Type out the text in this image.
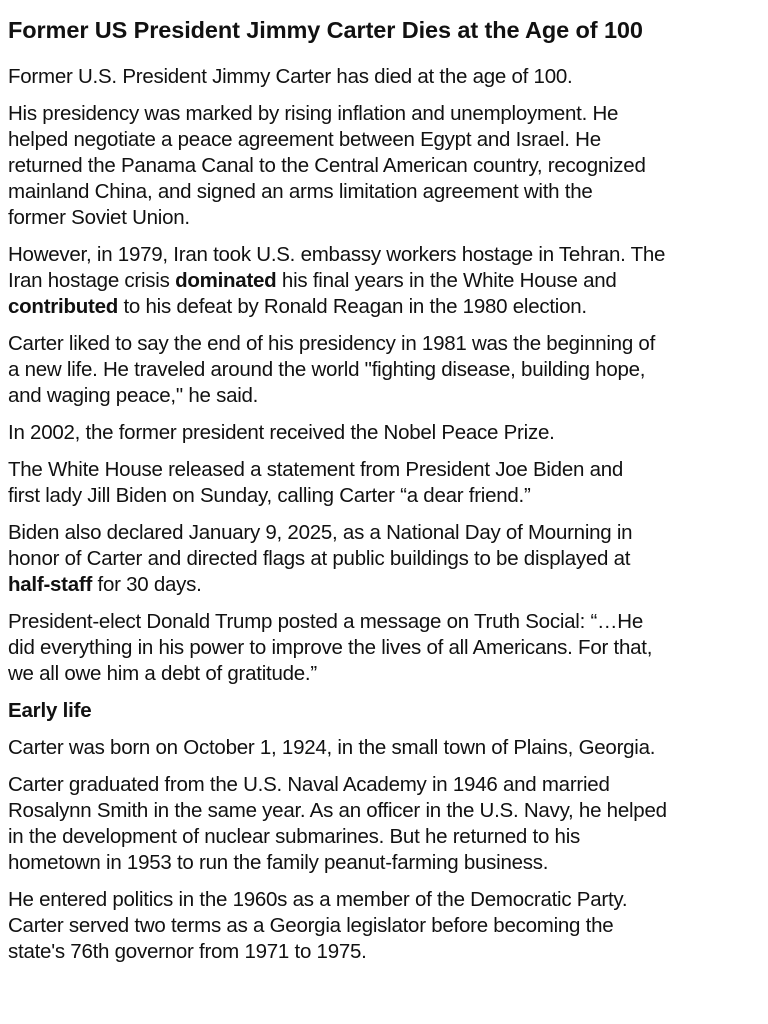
Former US President Jimmy Carter Dies at the Age of 100

Former U.S. President Jimmy Carter has died at the age of 100.

His presidency was marked by rising inflation and unemployment. He
helped negotiate a peace agreement between Egypt and Israel. He
returned the Panama Canal to the Central American country, recognized
mainland China, and signed an arms limitation agreement with the
former Soviet Union.

However, in 1979, Iran took U.S. embassy workers hostage in Tehran. The
Iran hostage crisis dominated his final years in the White House and
contributed to his defeat by Ronald Reagan in the 1980 election.

Carter liked to say the end of his presidency in 1981 was the beginning of
a new life. He traveled around the world "fighting disease, building hope,
and waging peace," he said.

In 2002, the former president received the Nobel Peace Prize.

The White House released a statement from President Joe Biden and
first lady Jill Biden on Sunday, calling Carter “a dear friend.”

Biden also declared January 9, 2025, as a National Day of Mourning in
honor of Carter and directed flags at public buildings to be displayed at
half-staff for 30 days.

President-elect Donald Trump posted a message on Truth Social: “…He
did everything in his power to improve the lives of all Americans. For that,
we all owe him a debt of gratitude.”

Early life

Carter was born on October 1, 1924, in the small town of Plains, Georgia.

Carter graduated from the U.S. Naval Academy in 1946 and married
Rosalynn Smith in the same year. As an officer in the U.S. Navy, he helped
in the development of nuclear submarines. But he returned to his
hometown in 1953 to run the family peanut-farming business.

He entered politics in the 1960s as a member of the Democratic Party.
Carter served two terms as a Georgia legislator before becoming the
state's 76th governor from 1971 to 1975.
